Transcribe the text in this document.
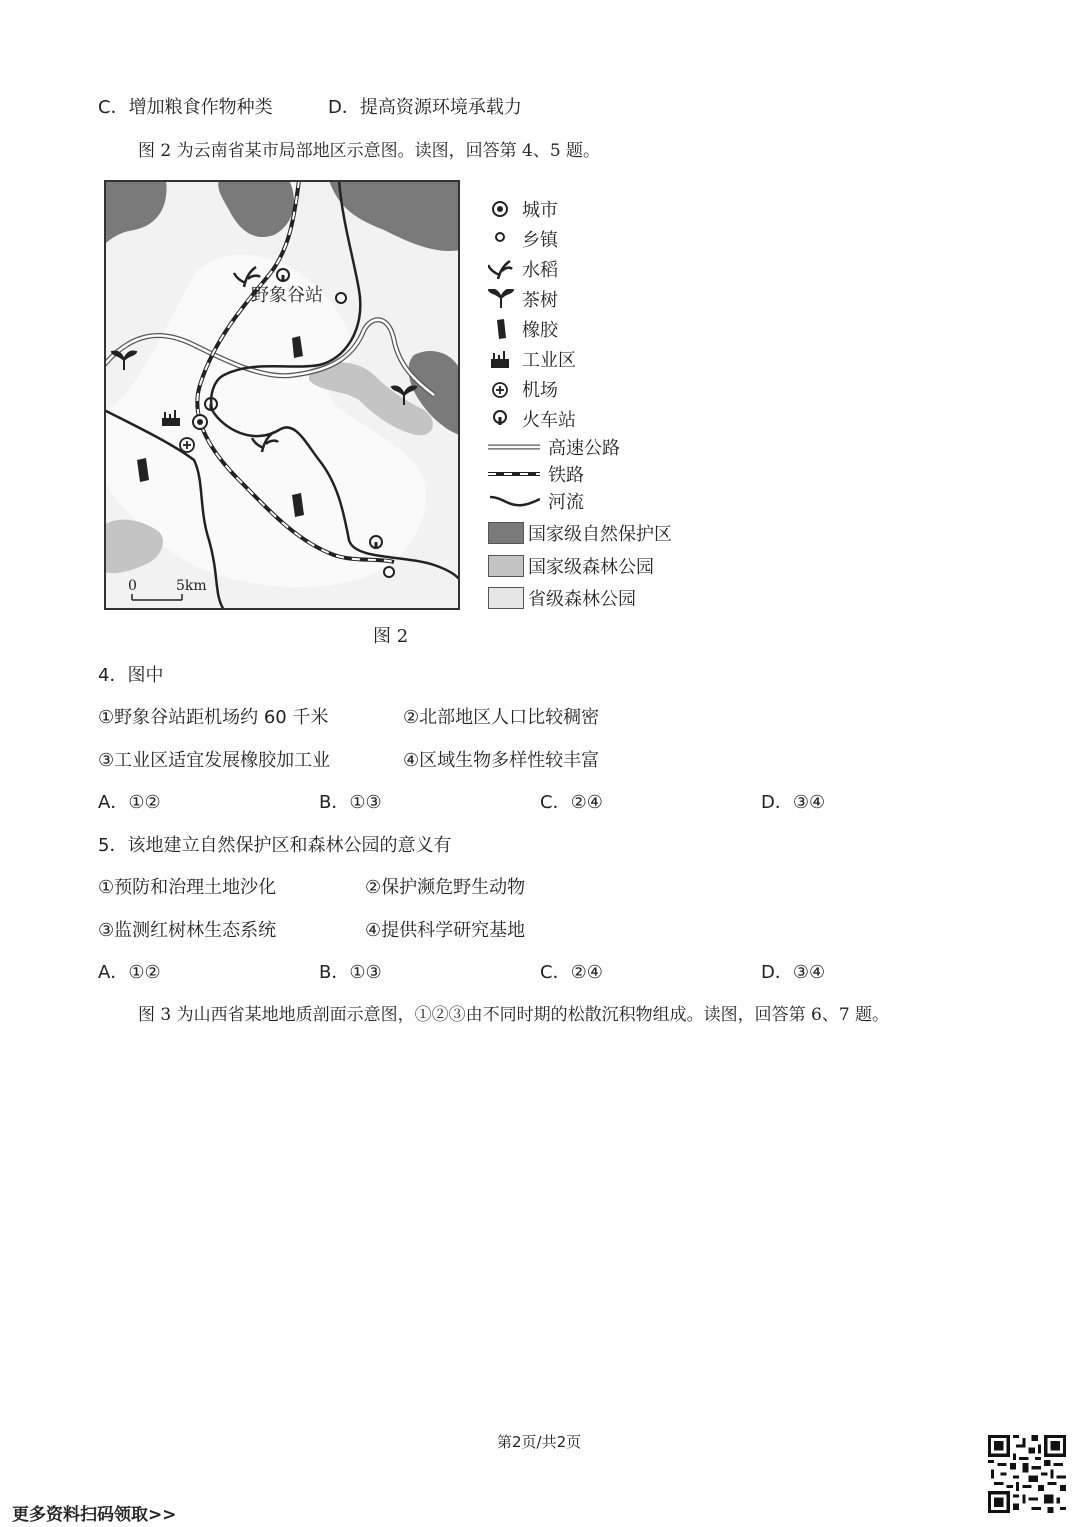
C．增加粮食作物种类	D．提高资源环境承载力
图 2 为云南省某市局部地区示意图。读图，回答第 4、5 题。
野象谷站
0	5km
城市
乡镇
水稻
茶树
橡胶
工业区
机场
火车站
高速公路
铁路
河流
国家级自然保护区
国家级森林公园
省级森林公园
图 2
4．图中
①野象谷站距机场约 60 千米	②北部地区人口比较稠密
③工业区适宜发展橡胶加工业	④区域生物多样性较丰富
A．①②	B．①③	C．②④	D．③④
5．该地建立自然保护区和森林公园的意义有
①预防和治理土地沙化	②保护濒危野生动物
③监测红树林生态系统	④提供科学研究基地
A．①②	B．①③	C．②④	D．③④
图 3 为山西省某地地质剖面示意图，①②③由不同时期的松散沉积物组成。读图，回答第 6、7 题。
第2页/共2页
更多资料扫码领取>>
